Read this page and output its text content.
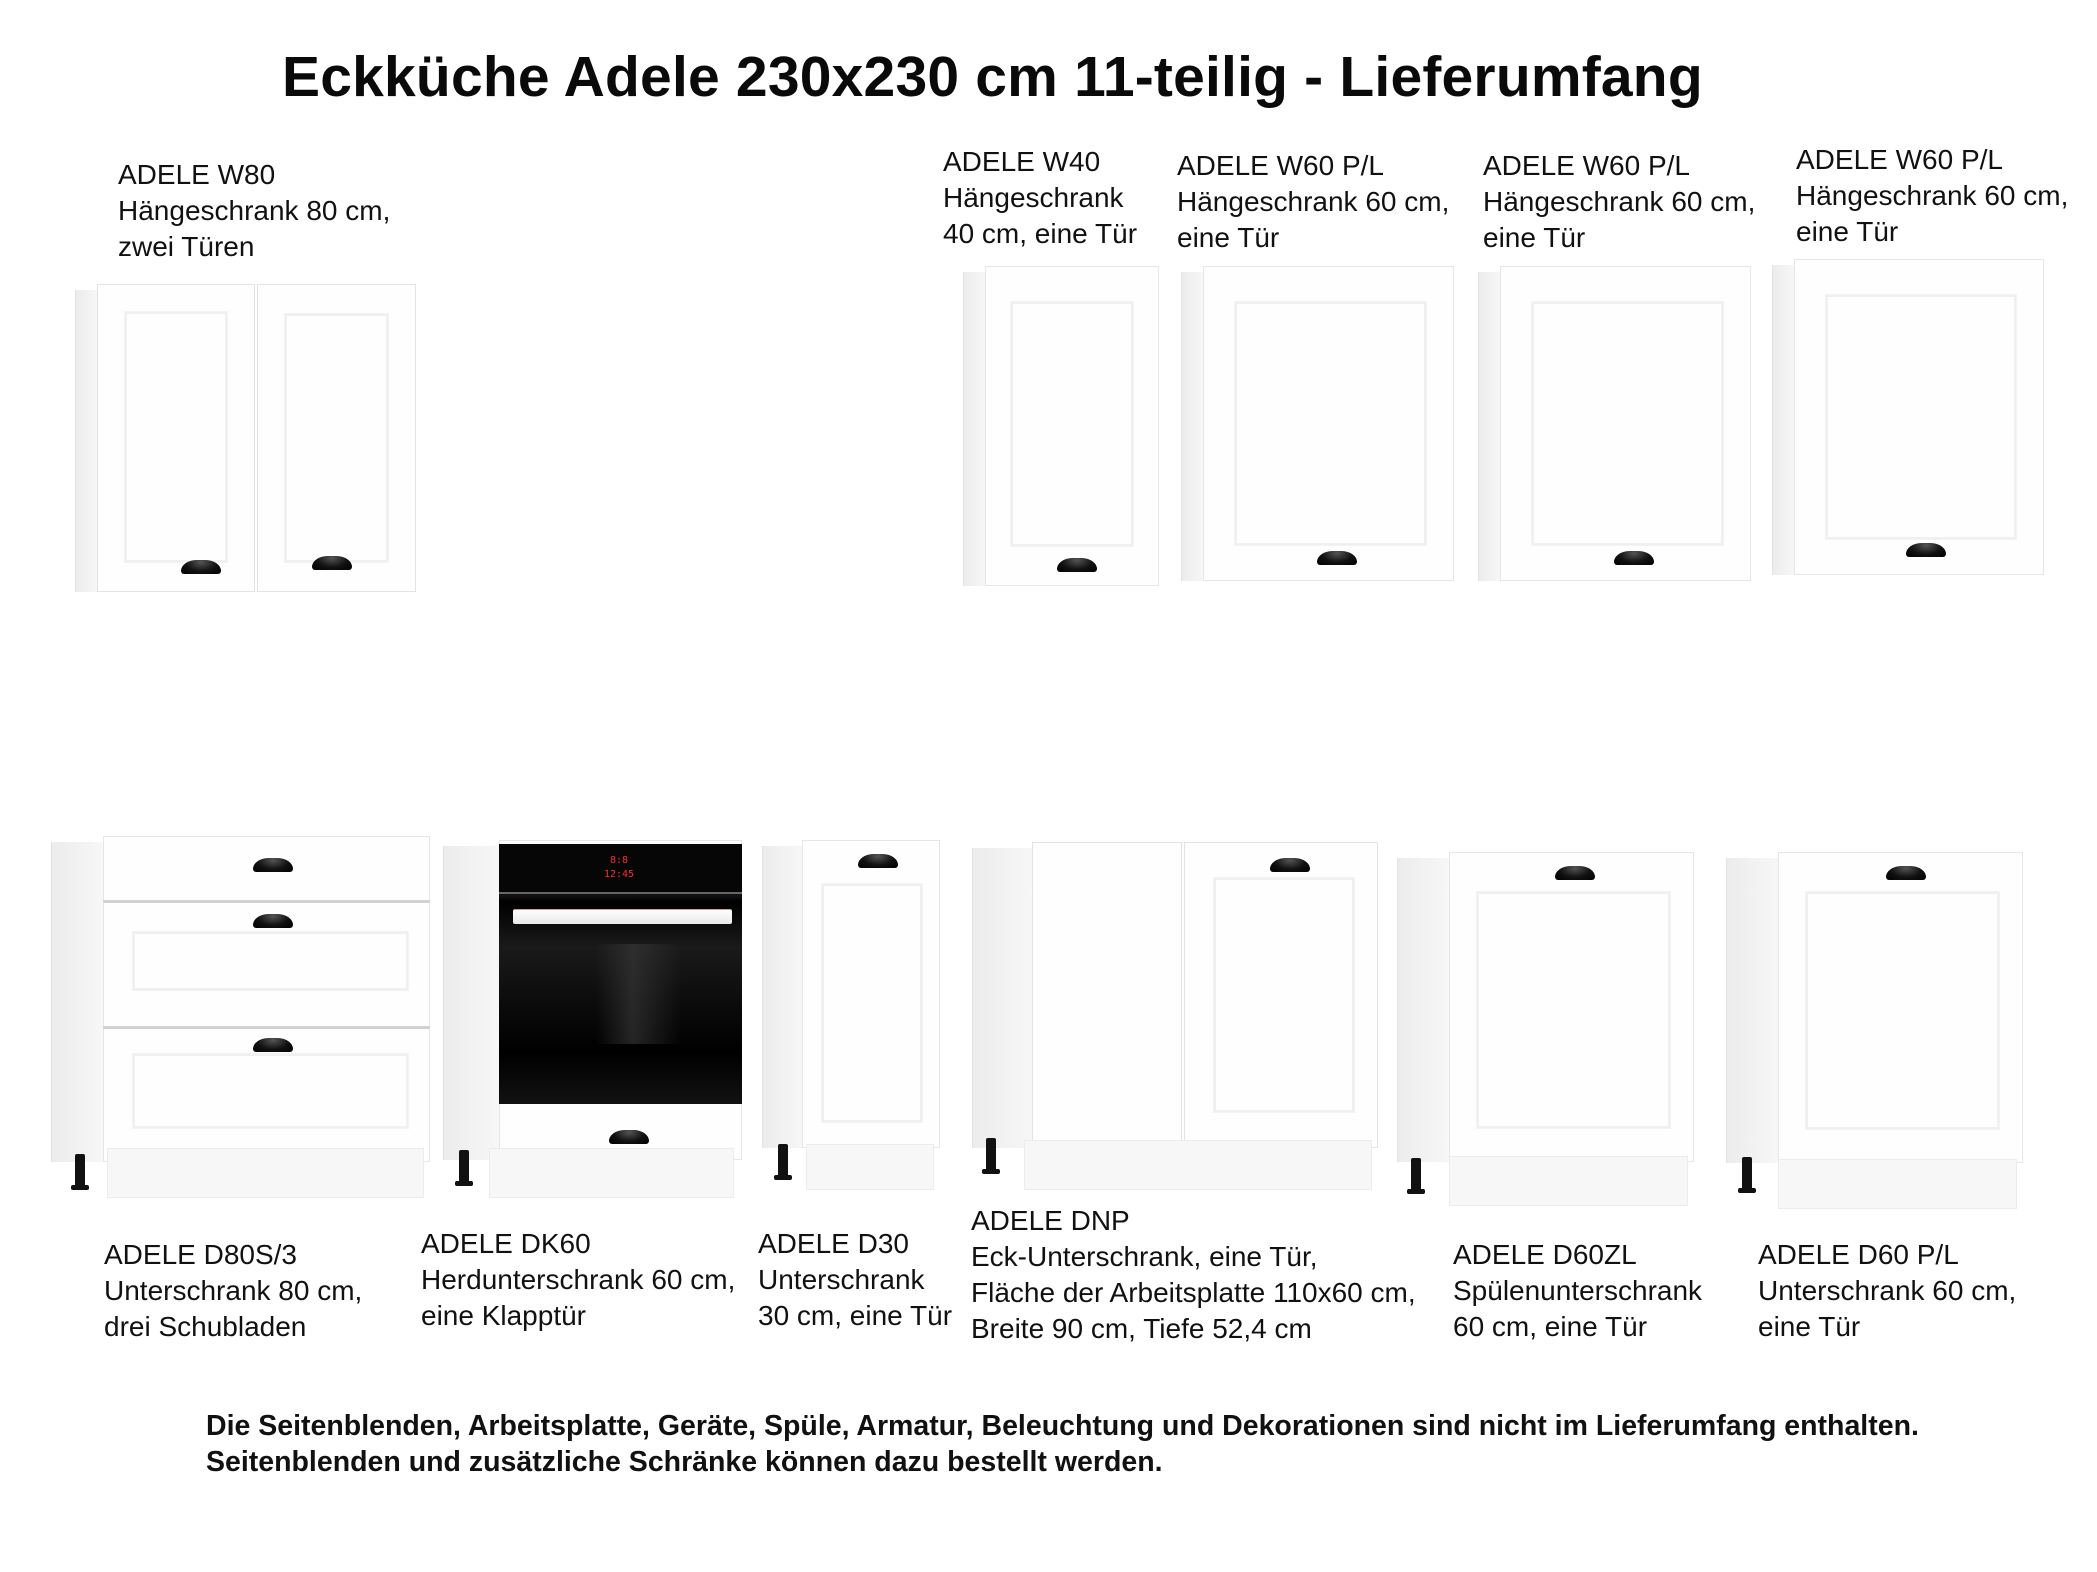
Eckküche Adele 230x230 cm 11-teilig - Lieferumfang
ADELE W80
Hängeschrank 80 cm,
zwei Türen
ADELE W40
Hängeschrank
40 cm, eine Tür
ADELE W60 P/L
Hängeschrank 60 cm,
eine Tür
ADELE W60 P/L
Hängeschrank 60 cm,
eine Tür
ADELE W60 P/L
Hängeschrank 60 cm,
eine Tür
8:8
12:45
ADELE D80S/3
Unterschrank 80 cm,
drei Schubladen
ADELE DK60
Herdunterschrank 60 cm,
eine Klapptür
ADELE D30
Unterschrank
30 cm, eine Tür
ADELE DNP
Eck-Unterschrank, eine Tür,
Fläche der Arbeitsplatte 110x60 cm,
Breite 90 cm, Tiefe 52,4 cm
ADELE D60ZL
Spülenunterschrank
60 cm, eine Tür
ADELE D60 P/L
Unterschrank 60 cm,
eine Tür
Die Seitenblenden, Arbeitsplatte, Geräte, Spüle, Armatur, Beleuchtung und Dekorationen sind nicht im Lieferumfang enthalten.
Seitenblenden und zusätzliche Schränke können dazu bestellt werden.
